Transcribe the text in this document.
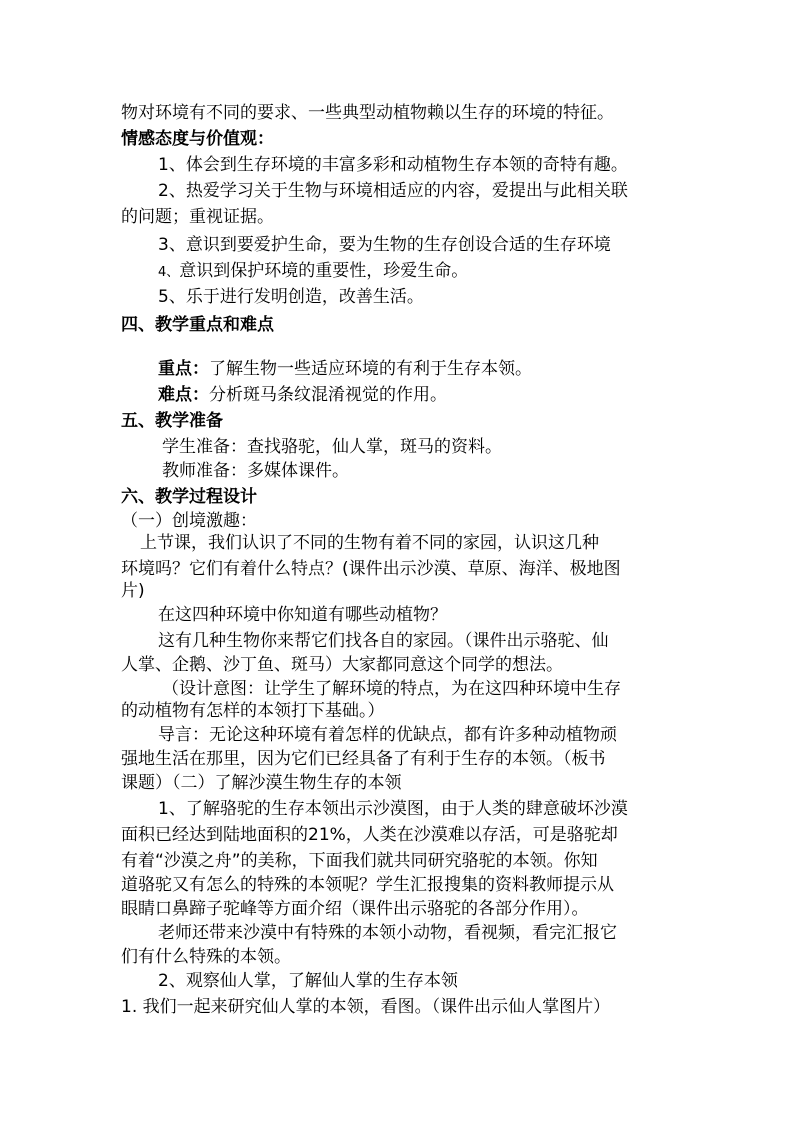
物对环境有不同的要求、一些典型动植物赖以生存的环境的特征。
情感态度与价值观：
1、体会到生存环境的丰富多彩和动植物生存本领的奇特有趣。
2、热爱学习关于生物与环境相适应的内容，爱提出与此相关联
的问题；重视证据。
3、意识到要爱护生命，要为生物的生存创设合适的生存环境
4、意识到保护环境的重要性，珍爱生命。
5、乐于进行发明创造，改善生活。
四、教学重点和难点
重点：了解生物一些适应环境的有利于生存本领。
难点：分析斑马条纹混淆视觉的作用。
五、教学准备
学生准备：查找骆驼，仙人掌，斑马的资料。
教师准备：多媒体课件。
六、教学过程设计
（一）创境激趣：
上节课，我们认识了不同的生物有着不同的家园，认识这几种
环境吗？它们有着什么特点？(课件出示沙漠、草原、海洋、极地图
片)
在这四种环境中你知道有哪些动植物？
这有几种生物你来帮它们找各自的家园。（课件出示骆驼、仙
人掌、企鹅、沙丁鱼、斑马）大家都同意这个同学的想法。
（设计意图：让学生了解环境的特点，为在这四种环境中生存
的动植物有怎样的本领打下基础。）
导言：无论这种环境有着怎样的优缺点，都有许多种动植物顽
强地生活在那里，因为它们已经具备了有利于生存的本领。（板书
课题）（二）了解沙漠生物生存的本领
1、了解骆驼的生存本领出示沙漠图，由于人类的肆意破坏沙漠
面积已经达到陆地面积的21%，人类在沙漠难以存活，可是骆驼却
有着“沙漠之舟”的美称，下面我们就共同研究骆驼的本领。你知
道骆驼又有怎么的特殊的本领呢？学生汇报搜集的资料教师提示从
眼睛口鼻蹄子驼峰等方面介绍（课件出示骆驼的各部分作用）。
老师还带来沙漠中有特殊的本领小动物，看视频，看完汇报它
们有什么特殊的本领。
2、观察仙人掌，了解仙人掌的生存本领
1. 我们一起来研究仙人掌的本领，看图。（课件出示仙人掌图片）
